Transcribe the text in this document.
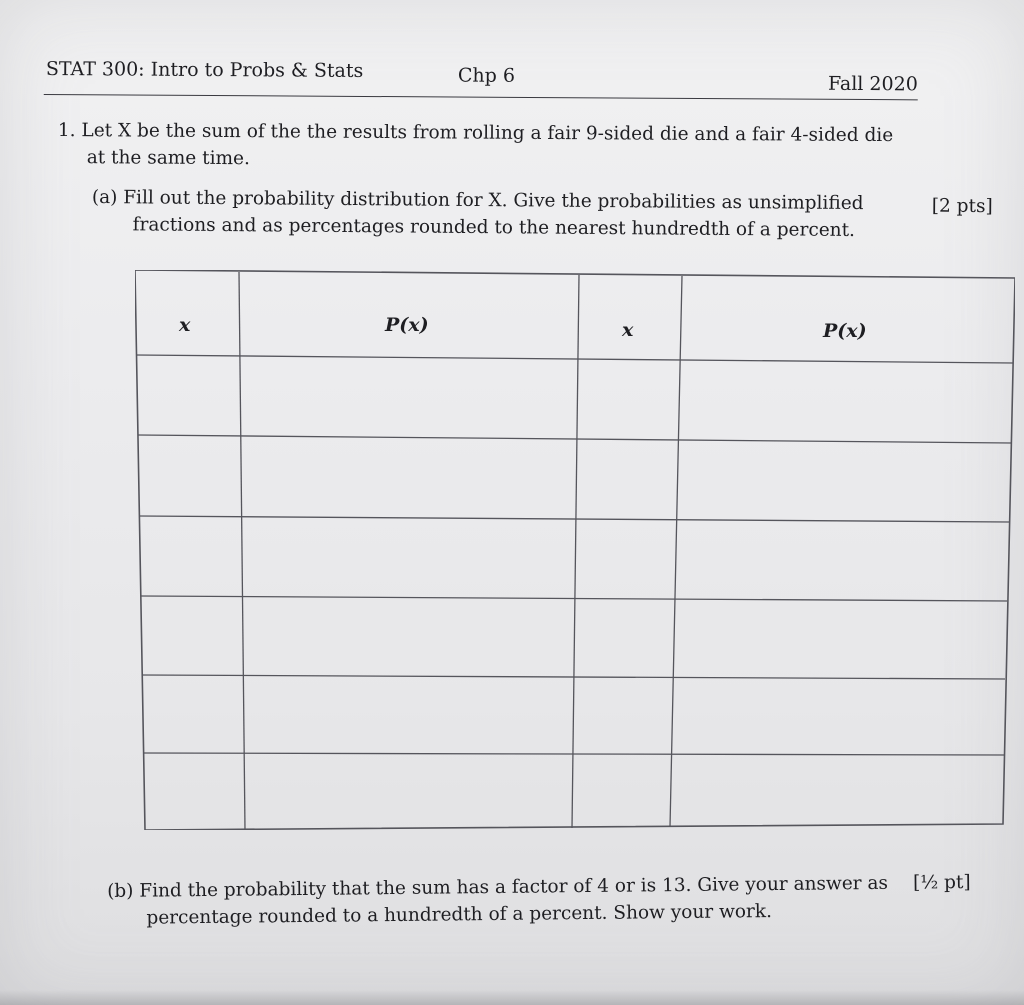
STAT 300: Intro to Probs & Stats	Chp 6	Fall 2020
1. Let X be the sum of the the results from rolling a fair 9-sided die and a fair 4-sided die
at the same time.
(a) Fill out the probability distribution for X. Give the probabilities as unsimplified
fractions and as percentages rounded to the nearest hundredth of a percent.
[2 pts]
x	P(x)	x	P(x)
(b) Find the probability that the sum has a factor of 4 or is 13. Give your answer as
percentage rounded to a hundredth of a percent. Show your work.
[½ pt]
